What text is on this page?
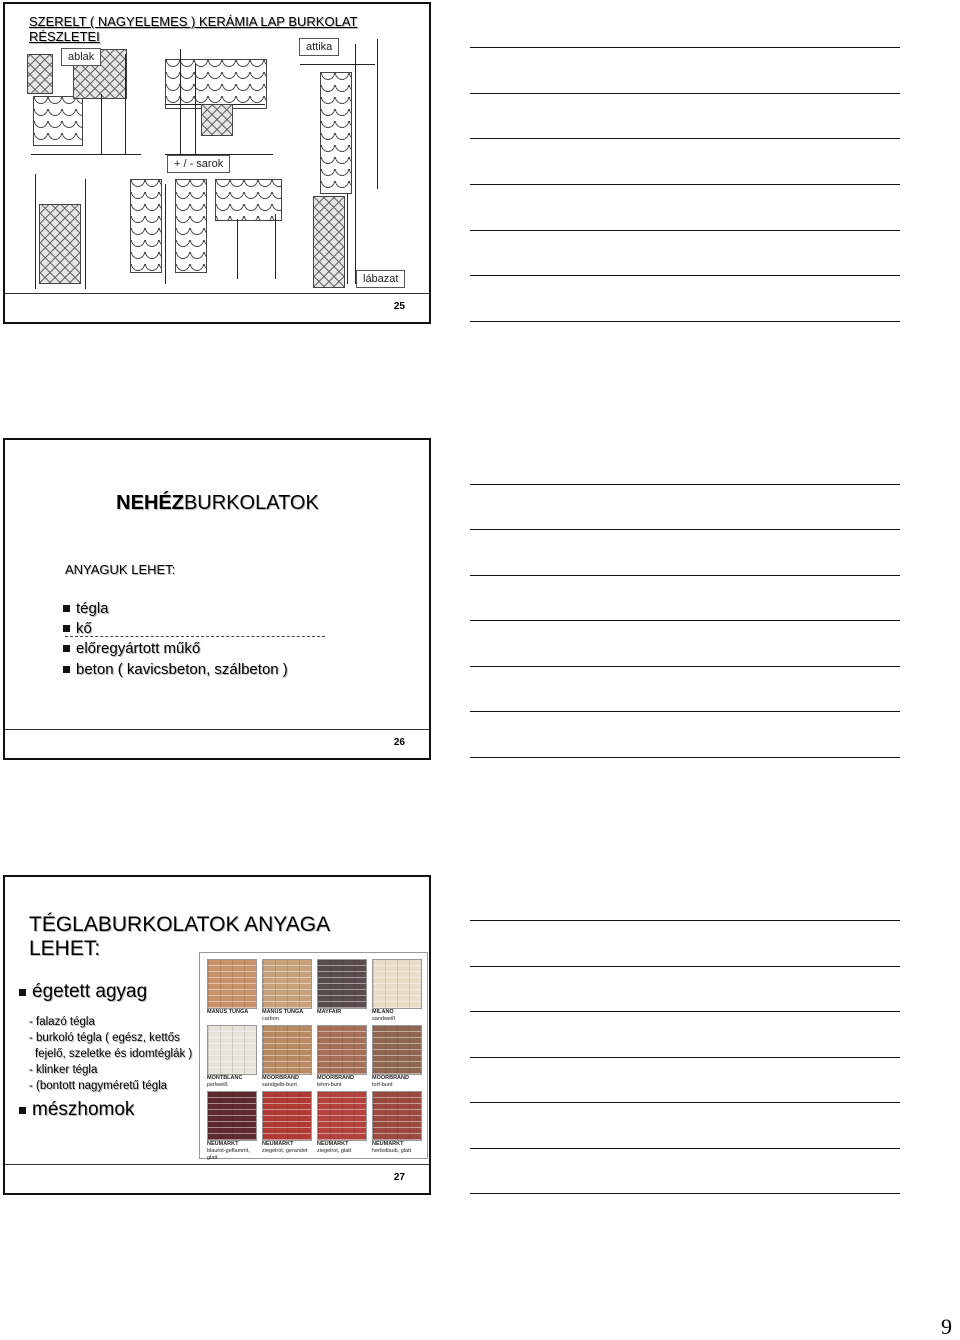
SZERELT ( NAGYELEMES ) KERÁMIA LAP BURKOLAT
RÉSZLETEI
ablak
attika
+ / - sarok
lábazat
25
NEHÉZBURKOLATOK
ANYAGUK LEHET:
tégla
kő
előregyártott műkő
beton ( kavicsbeton, szálbeton )
26
TÉGLABURKOLATOK ANYAGA
LEHET:
égetett agyag
- falazó tégla
- burkoló tégla ( egész, kettős
fejelő, szeletke és idomtéglák )
- klinker tégla
- (bontott nagyméretű tégla
mészhomok
MANUS TUNGA	MANUS TUNGA
carbon
MAYFAIR	MILANO
sandweiß
MONTBLANC
perlweiß
MOORBRAND
sandgelb-bunt
MOORBRAND
lehm-bunt
MOORBRAND
torf-bunt
NEUMARKT
blaurot-geflammt, glatt
NEUMARKT
ziegelrot, gerandet
NEUMARKT
ziegelrot, glatt
NEUMARKT
herbstlaub, glatt
27
9
